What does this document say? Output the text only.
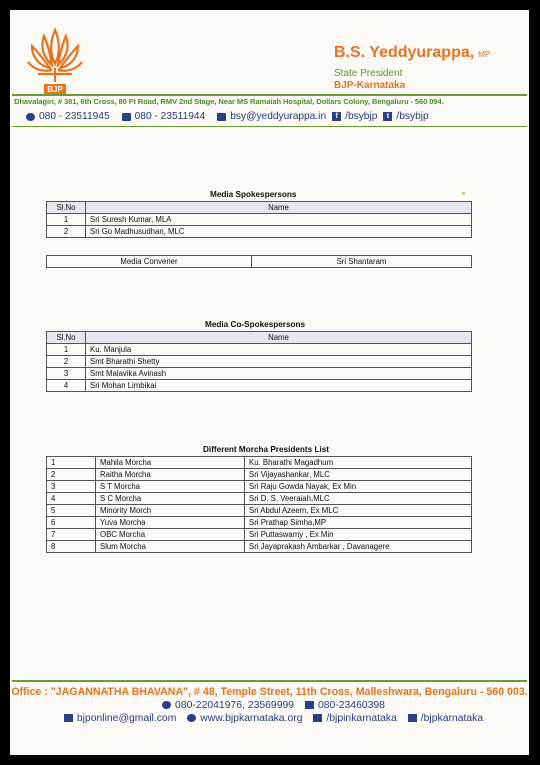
BJP
B.S. Yeddyurappa, MP
State President
BJP-Karnataka
Dhavalagiri, # 381, 6th Cross, 80 Ft Road, RMV 2nd Stage, Near MS Ramaiah Hospital, Dollars Colony, Bengaluru - 560 094.
080 - 23511945 080 - 23511944 bsy@yeddyurappa.in	f /bsybjp	t /bsybjp
Media Spokespersons
Sl.No	Name
1	Sri Suresh Kumar, MLA
2	Sri Go Madhusudhan, MLC
Media Convener	Sri Shantaram
Media Co-Spokespersons
Sl.No	Name
1	Ku. Manjula
2	Smt Bharathi Shetty
3	Smt Malavika Avinash
4	Sri Mohan Limbikai
Different Morcha Presidents List
1	Mahila Morcha	Ku. Bharathi Magadhum
2	Raitha Morcha	Sri Vijayashankar, MLC
3	S T Morcha	Sri Raju Gowda Nayak, Ex Min
4	S C Morcha	Sri D. S. Veeraiah,MLC
5	Minority Morch	Sri Abdul Azeem, Ex MLC
6	Yuva Morcha	Sri Prathap Simha,MP
7	OBC Morcha	Sri Puttaswamy , Ex Min
8	Slum Morcha	Sri Jayaprakash Ambarkar , Davanagere
Office : "JAGANNATHA BHAVANA", # 48, Temple Street, 11th Cross, Malleshwara, Bengaluru - 560 003.
080-22041976, 23569999 080-23460398
bjponline@gmail.com www.bjpkarnataka.org /bjpinkarnataka /bjpkarnataka
